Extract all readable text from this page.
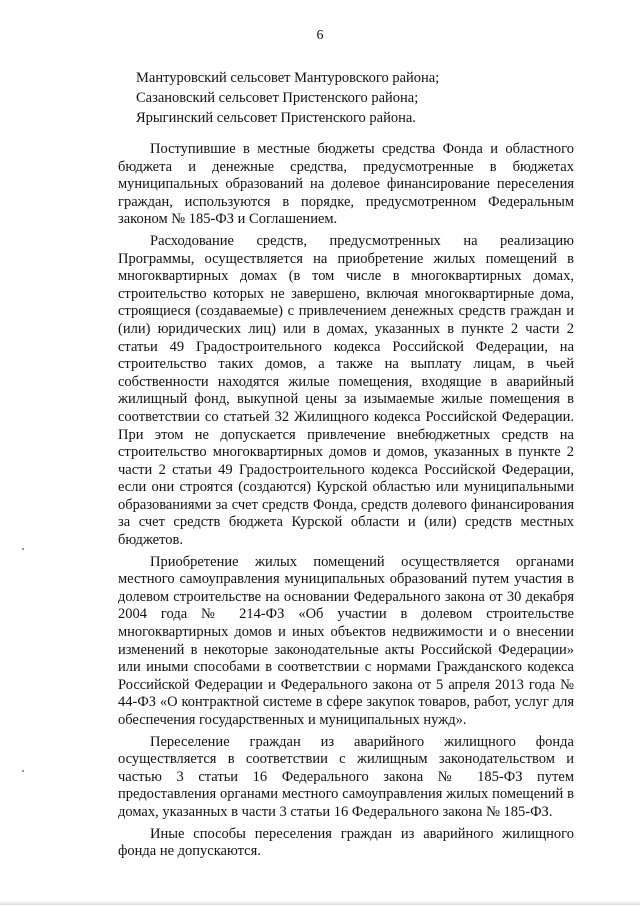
6
Мантуровский сельсовет Мантуровского района;
Сазановский сельсовет Пристенского района;
Ярыгинский сельсовет Пристенского района.

Поступившие в местные бюджеты средства Фонда и областного бюджета и денежные средства, предусмотренные в бюджетах муниципальных образований на долевое финансирование переселения граждан, используются в порядке, предусмотренном Федеральным законом № 185-ФЗ и Соглашением.

Расходование средств, предусмотренных на реализацию Программы, осуществляется на приобретение жилых помещений в многоквартирных домах (в том числе в многоквартирных домах, строительство которых не завершено, включая многоквартирные дома, строящиеся (создаваемые) с привлечением денежных средств граждан и (или) юридических лиц) или в домах, указанных в пункте 2 части 2 статьи 49 Градостроительного кодекса Российской Федерации, на строительство таких домов, а также на выплату лицам, в чьей собственности находятся жилые помещения, входящие в аварийный жилищный фонд, выкупной цены за изымаемые жилые помещения в соответствии со статьей 32 Жилищного кодекса Российской Федерации. При этом не допускается привлечение внебюджетных средств на строительство многоквартирных домов и домов, указанных в пункте 2 части 2 статьи 49 Градостроительного кодекса Российской Федерации, если они строятся (создаются) Курской областью или муниципальными образованиями за счет средств Фонда, средств долевого финансирования за счет средств бюджета Курской области и (или) средств местных бюджетов.

Приобретение жилых помещений осуществляется органами местного самоуправления муниципальных образований путем участия в долевом строительстве на основании Федерального закона от 30 декабря 2004 года № 214-ФЗ «Об участии в долевом строительстве многоквартирных домов и иных объектов недвижимости и о внесении изменений в некоторые законодательные акты Российской Федерации» или иными способами в соответствии с нормами Гражданского кодекса Российской Федерации и Федерального закона от 5 апреля 2013 года № 44-ФЗ «О контрактной системе в сфере закупок товаров, работ, услуг для обеспечения государственных и муниципальных нужд».

Переселение граждан из аварийного жилищного фонда осуществляется в соответствии с жилищным законодательством и частью 3 статьи 16 Федерального закона № 185-ФЗ путем предоставления органами местного самоуправления жилых помещений в домах, указанных в части 3 статьи 16 Федерального закона № 185-ФЗ.

Иные способы переселения граждан из аварийного жилищного фонда не допускаются.
